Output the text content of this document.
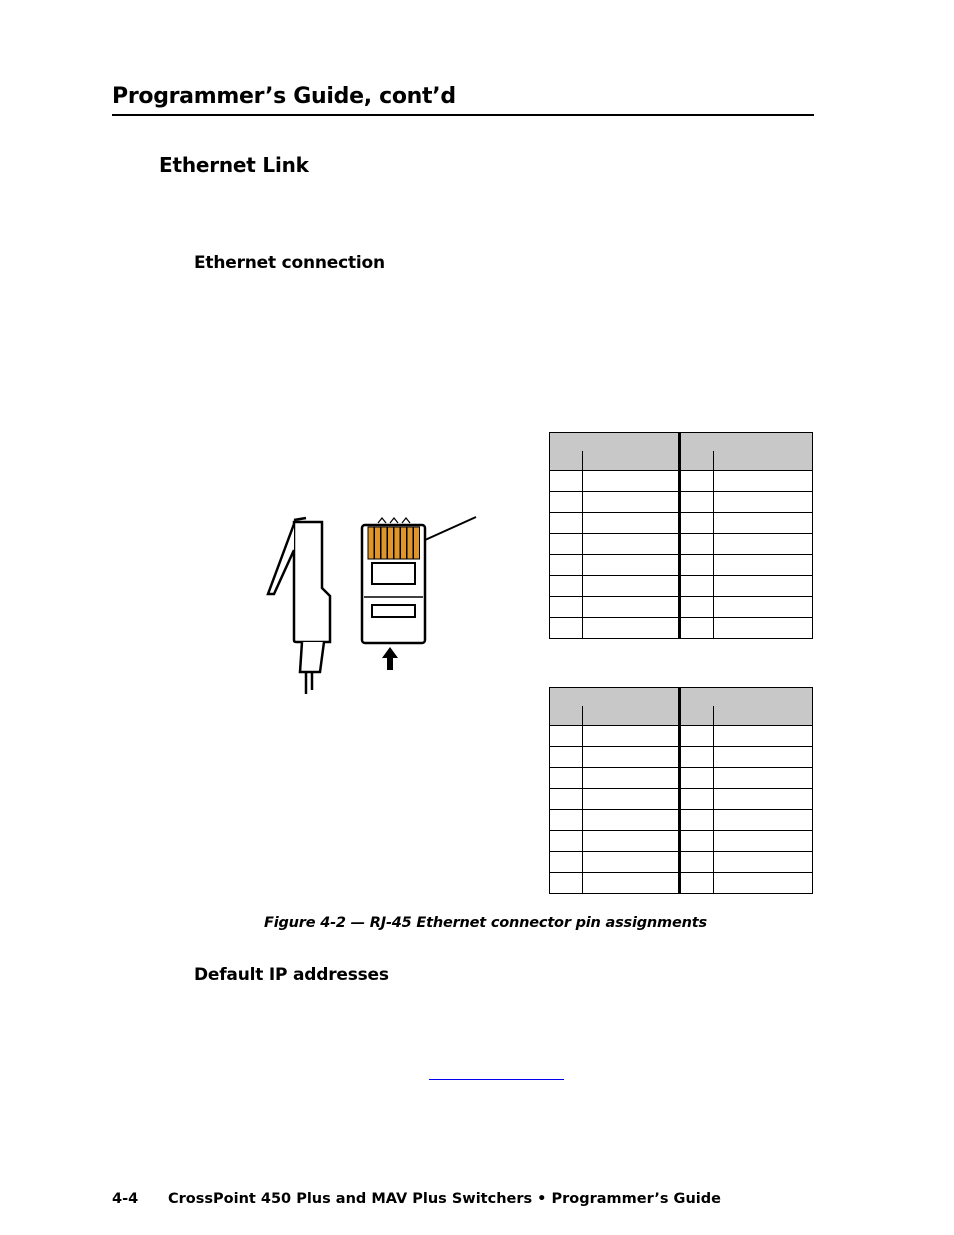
Programmer’s Guide, cont’d
Ethernet Link
Ethernet connection

Figure 4-2 — RJ-45 Ethernet connector pin assignments
Default IP addresses
4-4 CrossPoint 450 Plus and MAV Plus Switchers • Programmer’s Guide
